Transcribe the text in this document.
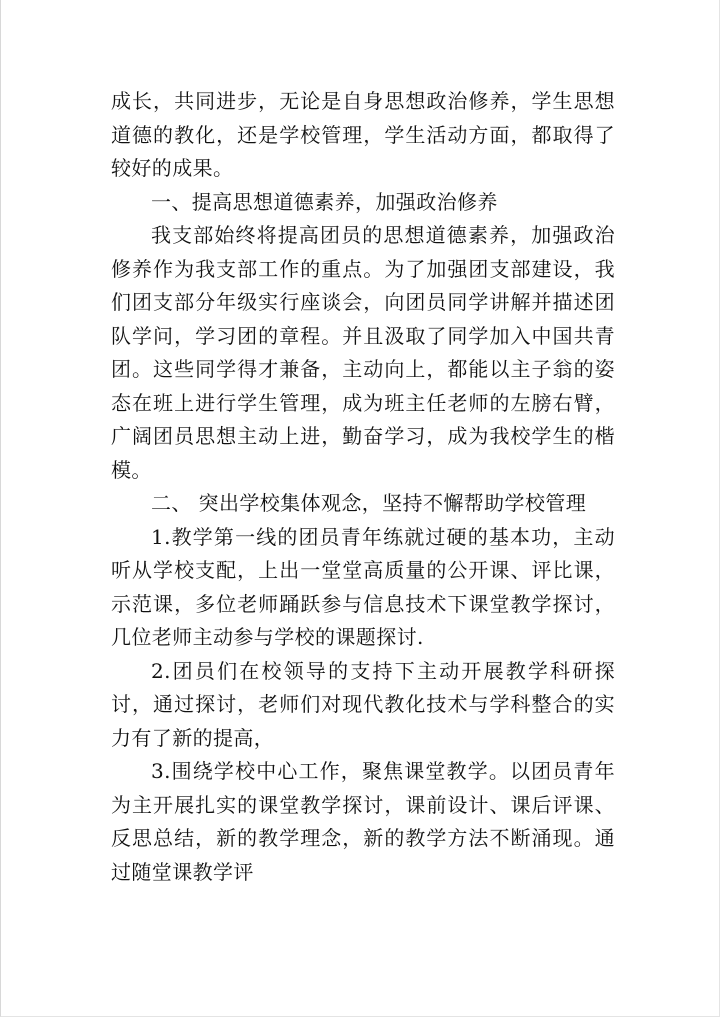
成长，共同进步，无论是自身思想政治修养，学生思想道德的教化，还是学校管理，学生活动方面，都取得了较好的成果。

一、提高思想道德素养，加强政治修养

我支部始终将提高团员的思想道德素养，加强政治修养作为我支部工作的重点。为了加强团支部建设，我们团支部分年级实行座谈会，向团员同学讲解并描述团队学问，学习团的章程。并且汲取了同学加入中国共青团。这些同学得才兼备，主动向上，都能以主子翁的姿态在班上进行学生管理，成为班主任老师的左膀右臂，广阔团员思想主动上进，勤奋学习，成为我校学生的楷模。

二、 突出学校集体观念，坚持不懈帮助学校管理

1.教学第一线的团员青年练就过硬的基本功，主动听从学校支配，上出一堂堂高质量的公开课、评比课，示范课，多位老师踊跃参与信息技术下课堂教学探讨，几位老师主动参与学校的课题探讨.

2.团员们在校领导的支持下主动开展教学科研探讨，通过探讨，老师们对现代教化技术与学科整合的实力有了新的提高，

3.围绕学校中心工作，聚焦课堂教学。以团员青年为主开展扎实的课堂教学探讨，课前设计、课后评课、反思总结，新的教学理念，新的教学方法不断涌现。通过随堂课教学评
